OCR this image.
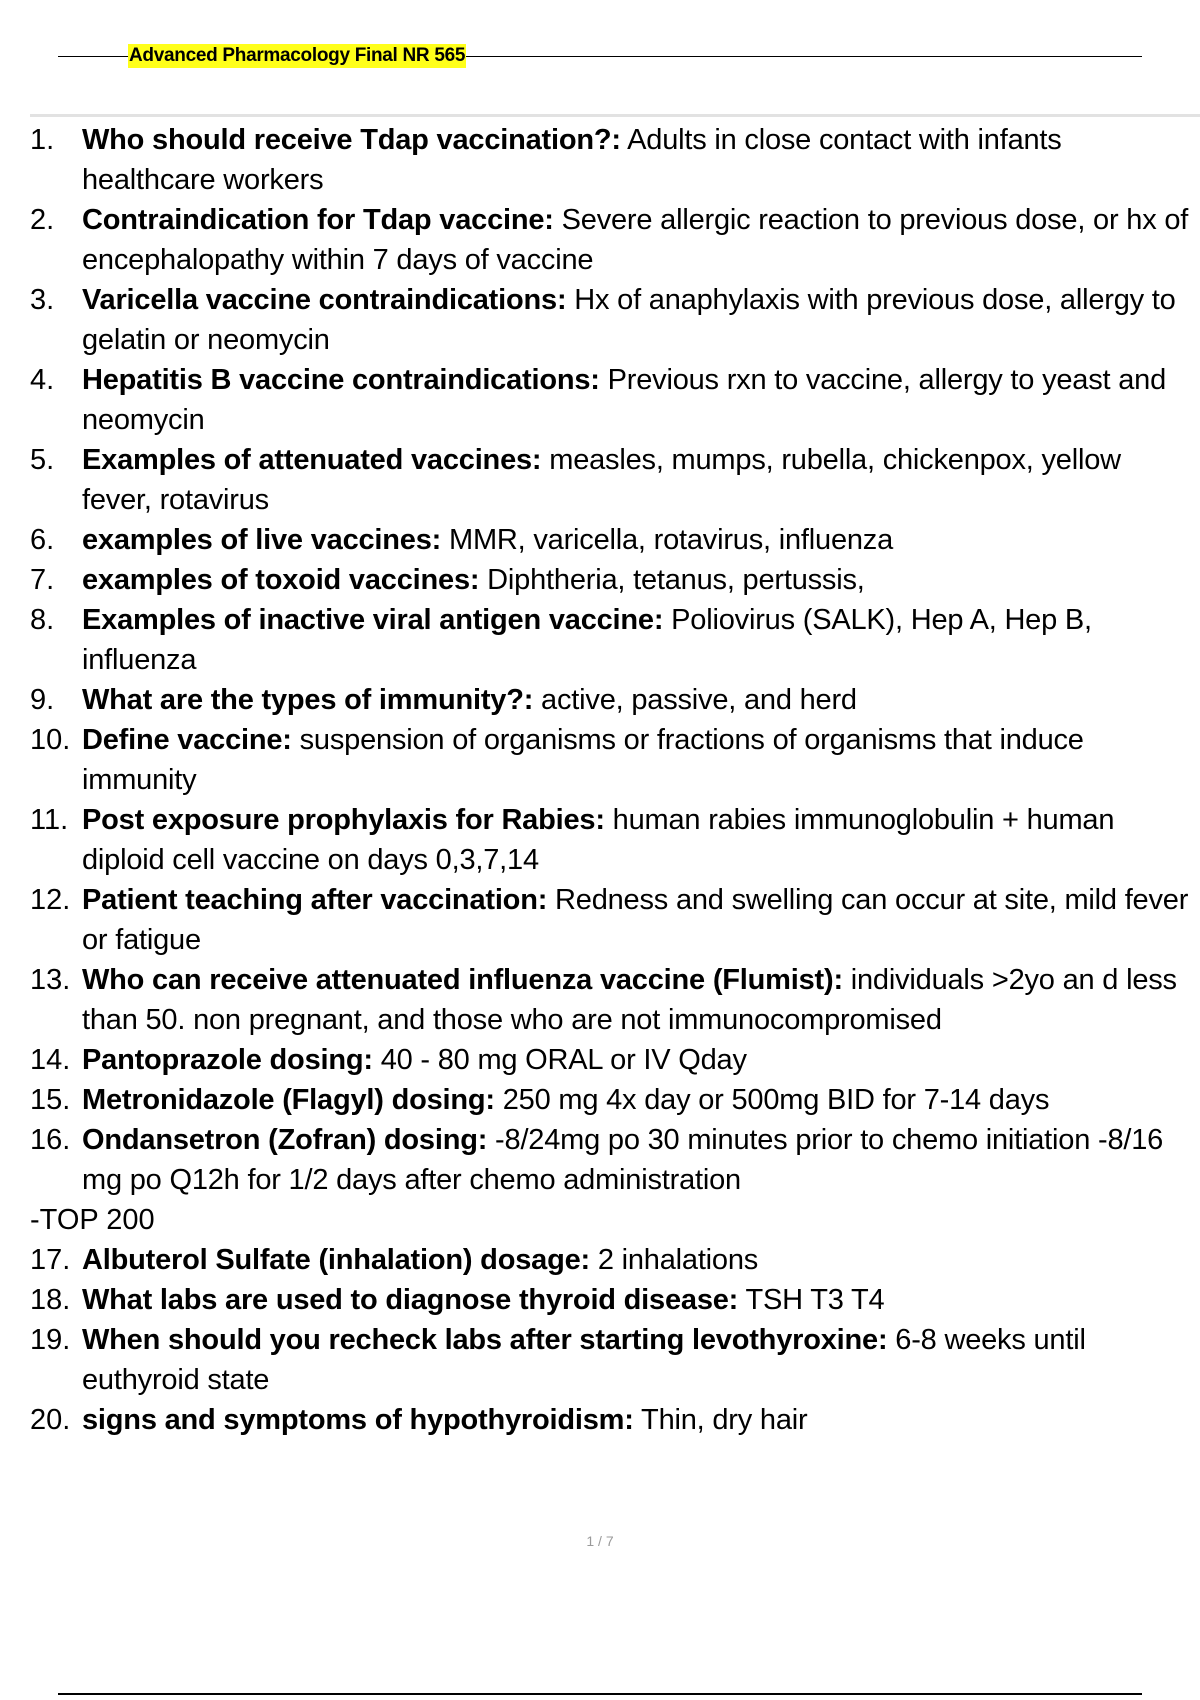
Advanced Pharmacology Final NR 565
1. Who should receive Tdap vaccination?: Adults in close contact with infants healthcare workers
2. Contraindication for Tdap vaccine: Severe allergic reaction to previous dose, or hx of encephalopathy within 7 days of vaccine
3. Varicella vaccine contraindications: Hx of anaphylaxis with previous dose, allergy to gelatin or neomycin
4. Hepatitis B vaccine contraindications: Previous rxn to vaccine, allergy to yeast and neomycin
5. Examples of attenuated vaccines: measles, mumps, rubella, chickenpox, yellow fever, rotavirus
6. examples of live vaccines: MMR, varicella, rotavirus, influenza
7. examples of toxoid vaccines: Diphtheria, tetanus, pertussis,
8. Examples of inactive viral antigen vaccine: Poliovirus (SALK), Hep A, Hep B, influenza
9. What are the types of immunity?: active, passive, and herd
10. Define vaccine: suspension of organisms or fractions of organisms that induce immunity
11. Post exposure prophylaxis for Rabies: human rabies immunoglobulin + human diploid cell vaccine on days 0,3,7,14
12. Patient teaching after vaccination: Redness and swelling can occur at site, mild fever or fatigue
13. Who can receive attenuated influenza vaccine (Flumist): individuals >2yo an d less than 50. non pregnant, and those who are not immunocompromised
14. Pantoprazole dosing: 40 - 80 mg ORAL or IV Qday
15. Metronidazole (Flagyl) dosing: 250 mg 4x day or 500mg BID for 7-14 days
16. Ondansetron (Zofran) dosing: -8/24mg po 30 minutes prior to chemo initiation -8/16 mg po Q12h for 1/2 days after chemo administration
-TOP 200
17. Albuterol Sulfate (inhalation) dosage: 2 inhalations
18. What labs are used to diagnose thyroid disease: TSH T3 T4
19. When should you recheck labs after starting levothyroxine: 6-8 weeks until euthyroid state
20. signs and symptoms of hypothyroidism: Thin, dry hair
1 / 7
